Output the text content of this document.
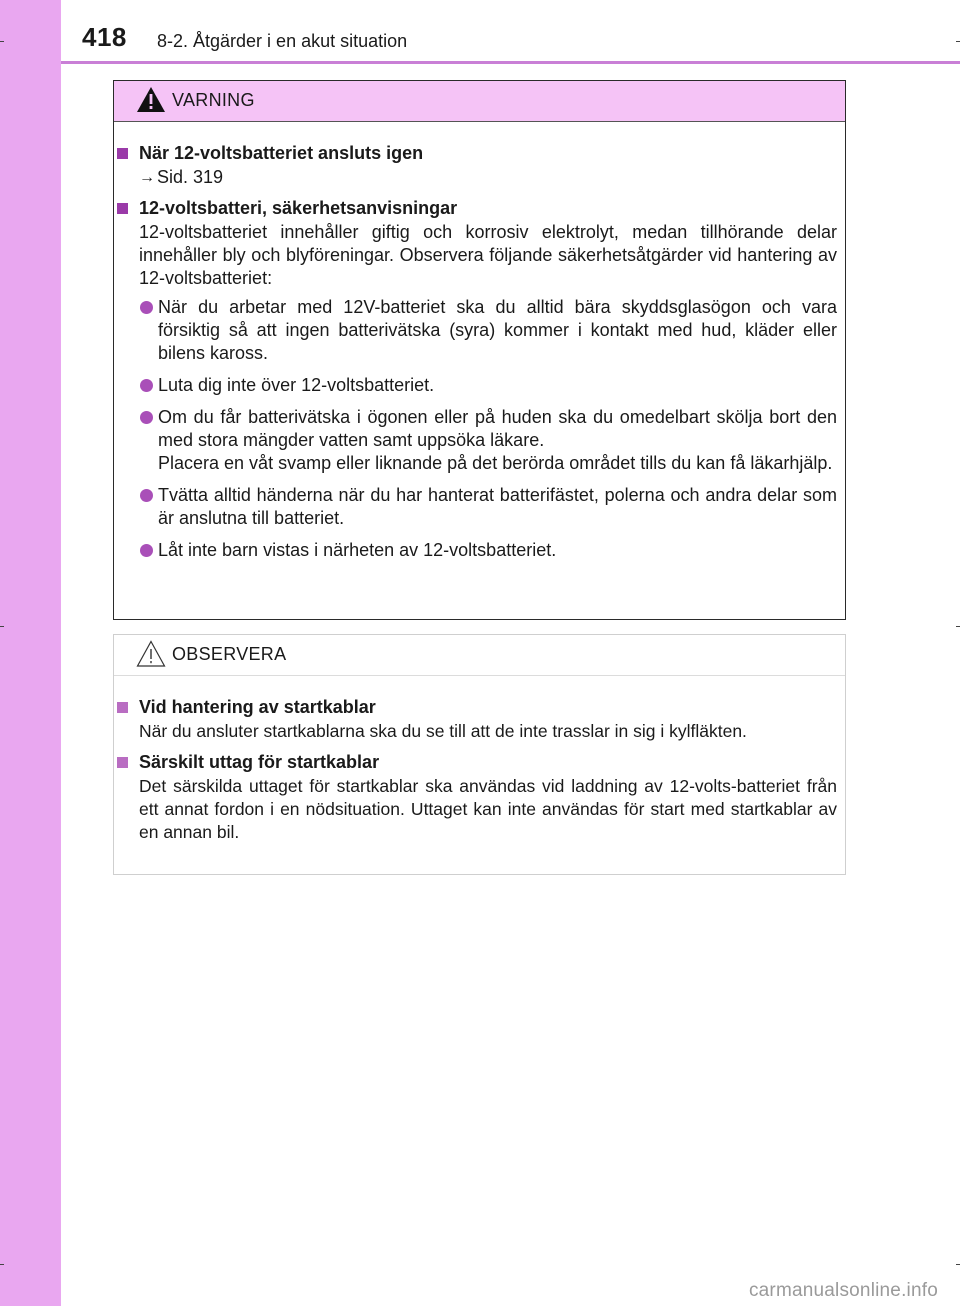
418 8-2. Åtgärder i en akut situation
VARNING
När 12-voltsbatteriet ansluts igen
→ Sid. 319
12-voltsbatteri, säkerhetsanvisningar
12-voltsbatteriet innehåller giftig och korrosiv elektrolyt, medan tillhörande delar innehåller bly och blyföreningar. Observera följande säkerhetsåtgärder vid hantering av 12-voltsbatteriet:
När du arbetar med 12V-batteriet ska du alltid bära skyddsglasögon och vara försiktig så att ingen batterivätska (syra) kommer i kontakt med hud, kläder eller bilens kaross.
Luta dig inte över 12-voltsbatteriet.
Om du får batterivätska i ögonen eller på huden ska du omedelbart skölja bort den med stora mängder vatten samt uppsöka läkare.
Placera en våt svamp eller liknande på det berörda området tills du kan få läkarhjälp.
Tvätta alltid händerna när du har hanterat batterifästet, polerna och andra delar som är anslutna till batteriet.
Låt inte barn vistas i närheten av 12-voltsbatteriet.
OBSERVERA
Vid hantering av startkablar
När du ansluter startkablarna ska du se till att de inte trasslar in sig i kylfläkten.
Särskilt uttag för startkablar
Det särskilda uttaget för startkablar ska användas vid laddning av 12-volts-batteriet från ett annat fordon i en nödsituation. Uttaget kan inte användas för start med startkablar av en annan bil.
carmanualsonline.info
